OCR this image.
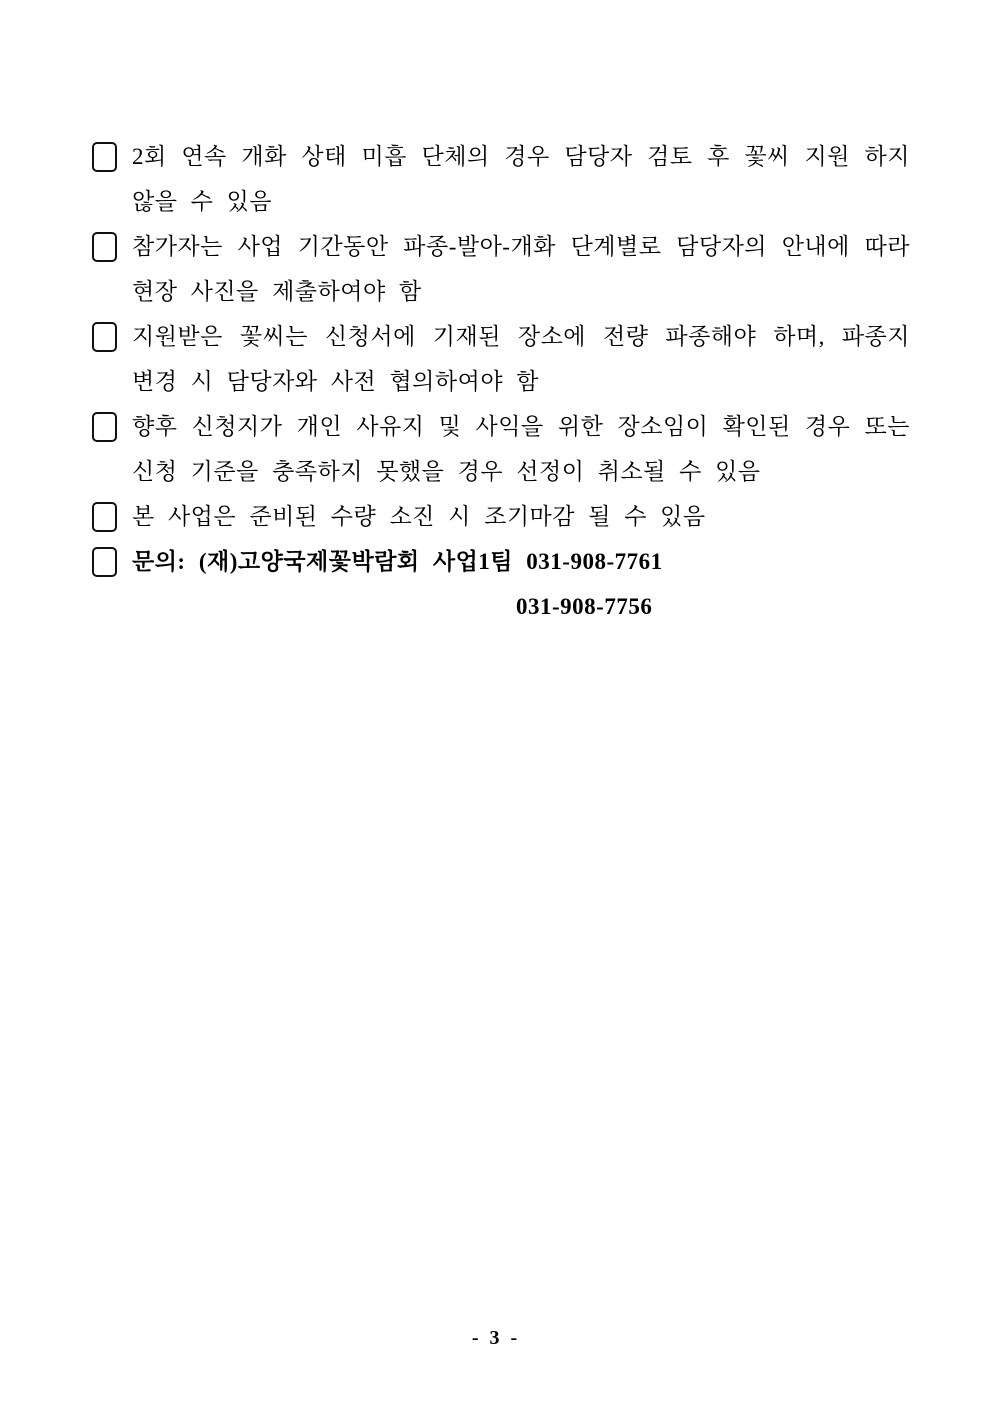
2회 연속 개화 상태 미흡 단체의 경우 담당자 검토 후 꽃씨 지원 하지 않을 수 있음
참가자는 사업 기간동안 파종-발아-개화 단계별로 담당자의 안내에 따라 현장 사진을 제출하여야 함
지원받은 꽃씨는 신청서에 기재된 장소에 전량 파종해야 하며, 파종지 변경 시 담당자와 사전 협의하여야 함
향후 신청지가 개인 사유지 및 사익을 위한 장소임이 확인된 경우 또는 신청 기준을 충족하지 못했을 경우 선정이 취소될 수 있음
본 사업은 준비된 수량 소진 시 조기마감 될 수 있음
문의: (재)고양국제꽃박람회 사업1팀 031-908-7761
031-908-7756
- 3 -
